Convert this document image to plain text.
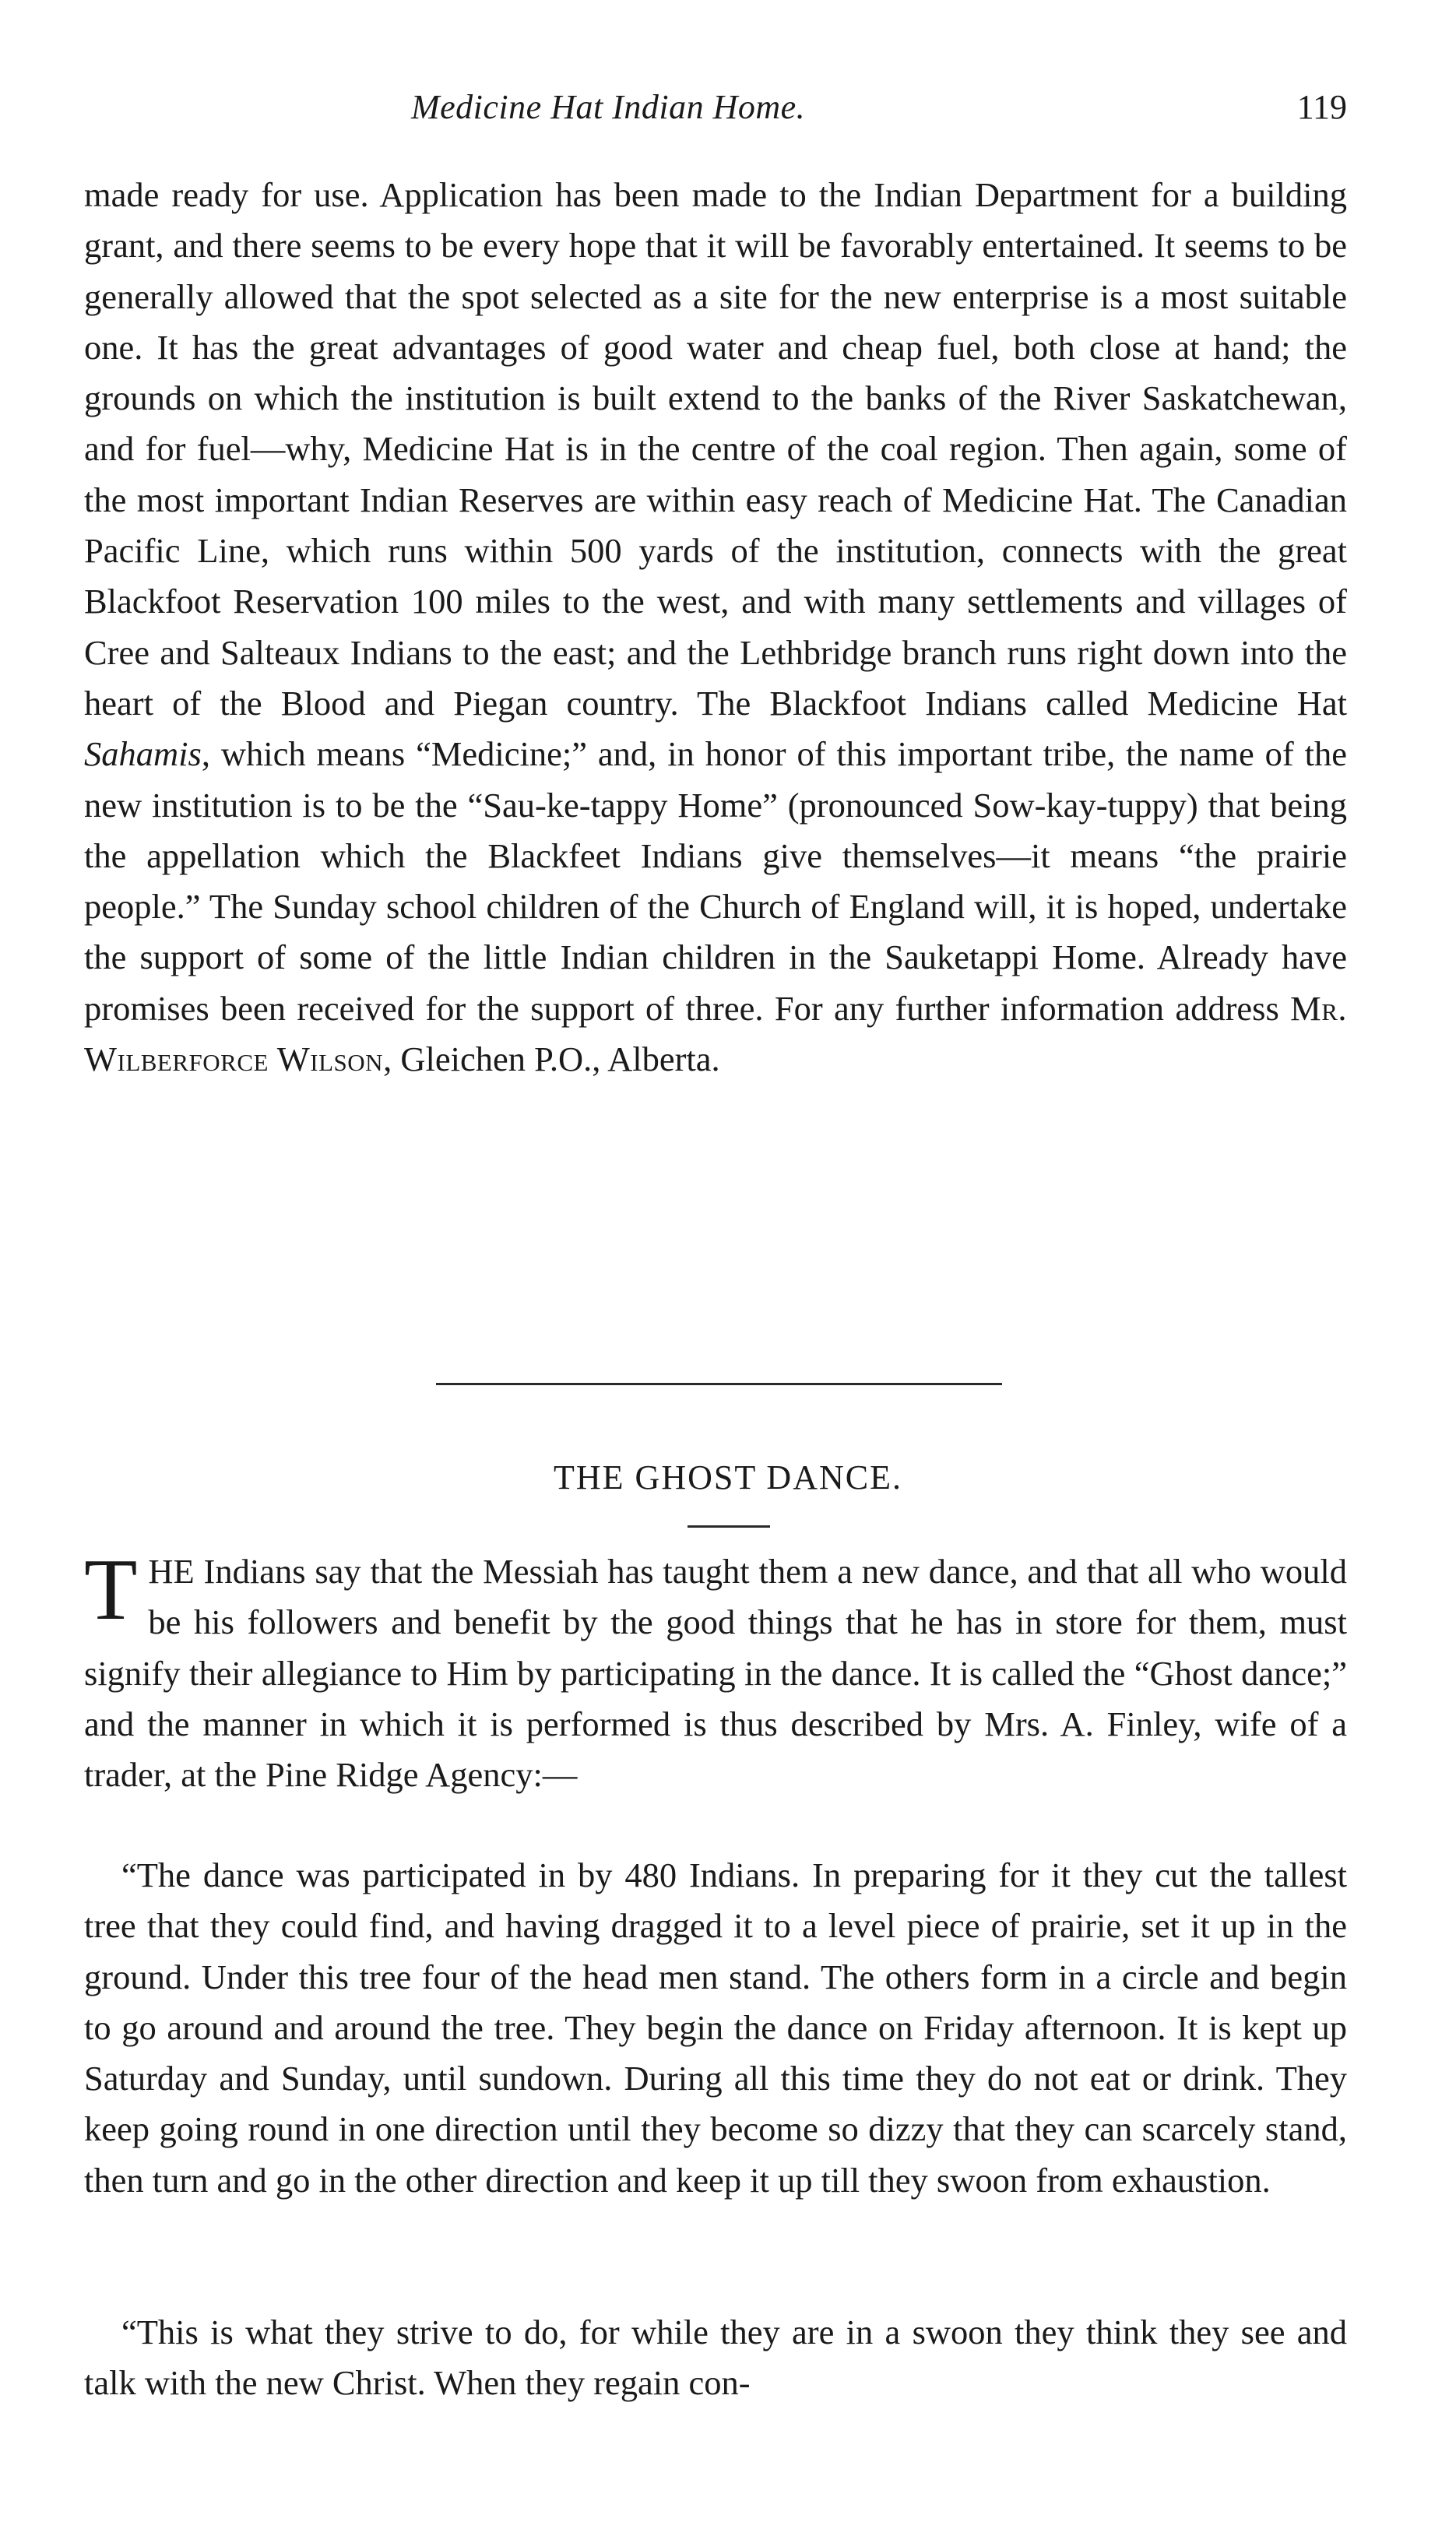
Medicine Hat Indian Home.	119

made ready for use. Application has been made to the Indian Department for a building grant, and there seems to be every hope that it will be favorably entertained. It seems to be generally allowed that the spot selected as a site for the new enterprise is a most suitable one. It has the great advantages of good water and cheap fuel, both close at hand; the grounds on which the institution is built extend to the banks of the River Saskatchewan, and for fuel—why, Medicine Hat is in the centre of the coal region. Then again, some of the most important Indian Reserves are within easy reach of Medicine Hat. The Canadian Pacific Line, which runs within 500 yards of the institution, connects with the great Blackfoot Reservation 100 miles to the west, and with many settlements and villages of Cree and Salteaux Indians to the east; and the Lethbridge branch runs right down into the heart of the Blood and Piegan country. The Blackfoot Indians called Medicine Hat Sahamis, which means “Medicine;” and, in honor of this important tribe, the name of the new institution is to be the “Sau-ke-tappy Home” (pronounced Sow-kay-tuppy) that being the appellation which the Blackfeet Indians give themselves—it means “the prairie people.” The Sunday school children of the Church of England will, it is hoped, undertake the support of some of the little Indian children in the Sauketappi Home. Already have promises been received for the support of three. For any further information address Mr. Wilberforce Wilson, Gleichen P.O., Alberta.

THE GHOST DANCE.
THE Indians say that the Messiah has taught them a new dance, and that all who would be his followers and benefit by the good things that he has in store for them, must signify their allegiance to Him by participating in the dance. It is called the “Ghost dance;” and the manner in which it is performed is thus described by Mrs. A. Finley, wife of a trader, at the Pine Ridge Agency:—

“The dance was participated in by 480 Indians. In preparing for it they cut the tallest tree that they could find, and having dragged it to a level piece of prairie, set it up in the ground. Under this tree four of the head men stand. The others form in a circle and begin to go around and around the tree. They begin the dance on Friday afternoon. It is kept up Saturday and Sunday, until sundown. During all this time they do not eat or drink. They keep going round in one direction until they become so dizzy that they can scarcely stand, then turn and go in the other direction and keep it up till they swoon from exhaustion.

“This is what they strive to do, for while they are in a swoon they think they see and talk with the new Christ. When they regain con-
